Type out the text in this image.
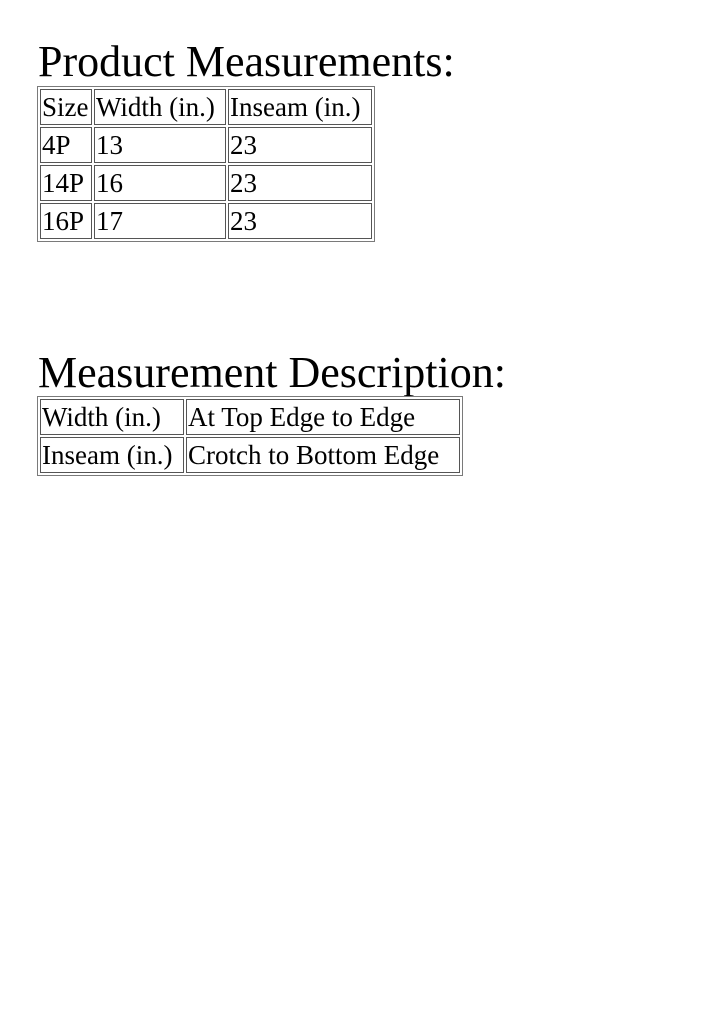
Product Measurements:
Size	Width (in.)	Inseam (in.)
4P	13	23
14P	16	23
16P	17	23
Measurement Description:
Width (in.)	At Top Edge to Edge
Inseam (in.)	Crotch to Bottom Edge
